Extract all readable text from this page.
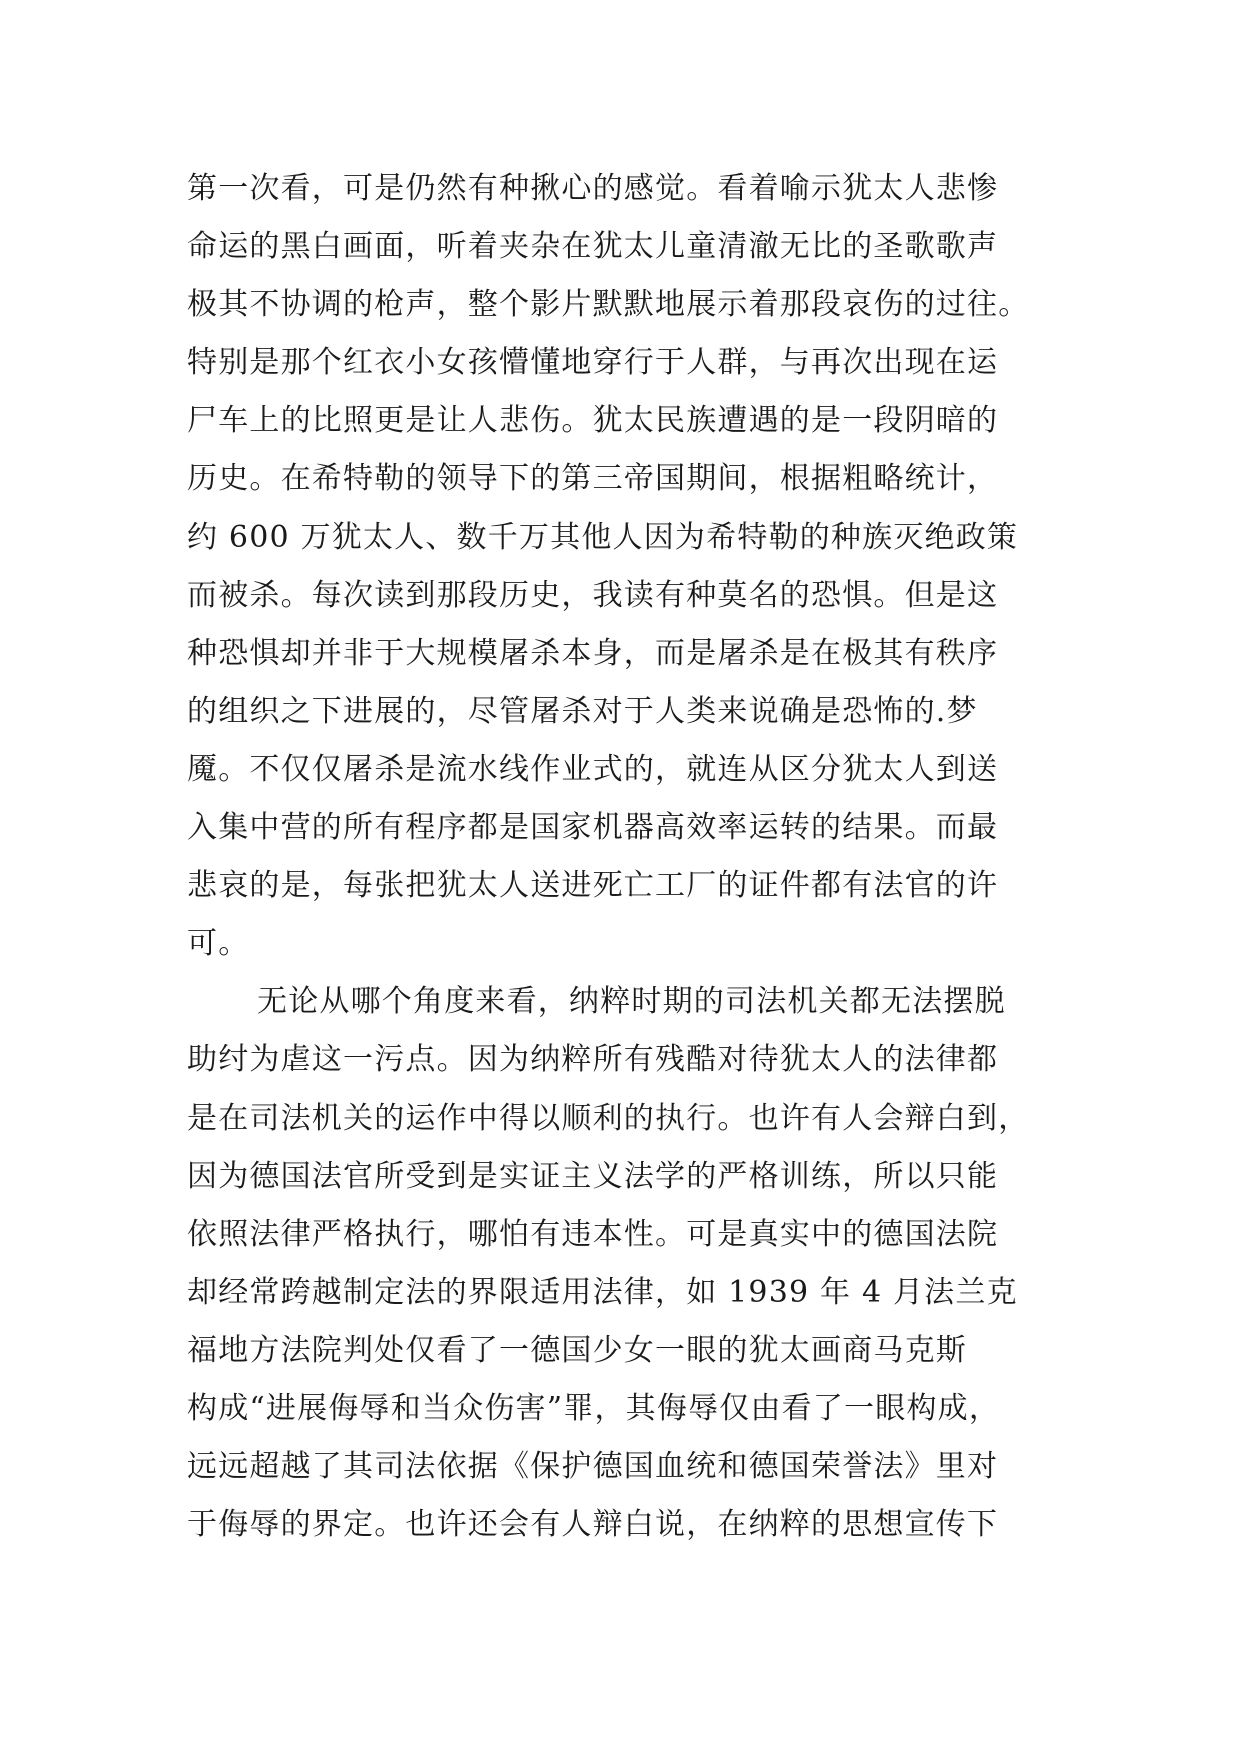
第一次看，可是仍然有种揪心的感觉。看着喻示犹太人悲惨
命运的黑白画面，听着夹杂在犹太儿童清澈无比的圣歌歌声
极其不协调的枪声，整个影片默默地展示着那段哀伤的过往。
特别是那个红衣小女孩懵懂地穿行于人群，与再次出现在运
尸车上的比照更是让人悲伤。犹太民族遭遇的是一段阴暗的
历史。在希特勒的领导下的第三帝国期间，根据粗略统计，
约 600 万犹太人、数千万其他人因为希特勒的种族灭绝政策
而被杀。每次读到那段历史，我读有种莫名的恐惧。但是这
种恐惧却并非于大规模屠杀本身，而是屠杀是在极其有秩序
的组织之下进展的，尽管屠杀对于人类来说确是恐怖的.梦
魇。不仅仅屠杀是流水线作业式的，就连从区分犹太人到送
入集中营的所有程序都是国家机器高效率运转的结果。而最
悲哀的是，每张把犹太人送进死亡工厂的证件都有法官的许
可。
无论从哪个角度来看，纳粹时期的司法机关都无法摆脱
助纣为虐这一污点。因为纳粹所有残酷对待犹太人的法律都
是在司法机关的运作中得以顺利的执行。也许有人会辩白到，
因为德国法官所受到是实证主义法学的严格训练，所以只能
依照法律严格执行，哪怕有违本性。可是真实中的德国法院
却经常跨越制定法的界限适用法律，如 1939 年 4 月法兰克
福地方法院判处仅看了一德国少女一眼的犹太画商马克斯
构成“进展侮辱和当众伤害”罪，其侮辱仅由看了一眼构成，
远远超越了其司法依据《保护德国血统和德国荣誉法》里对
于侮辱的界定。也许还会有人辩白说，在纳粹的思想宣传下
